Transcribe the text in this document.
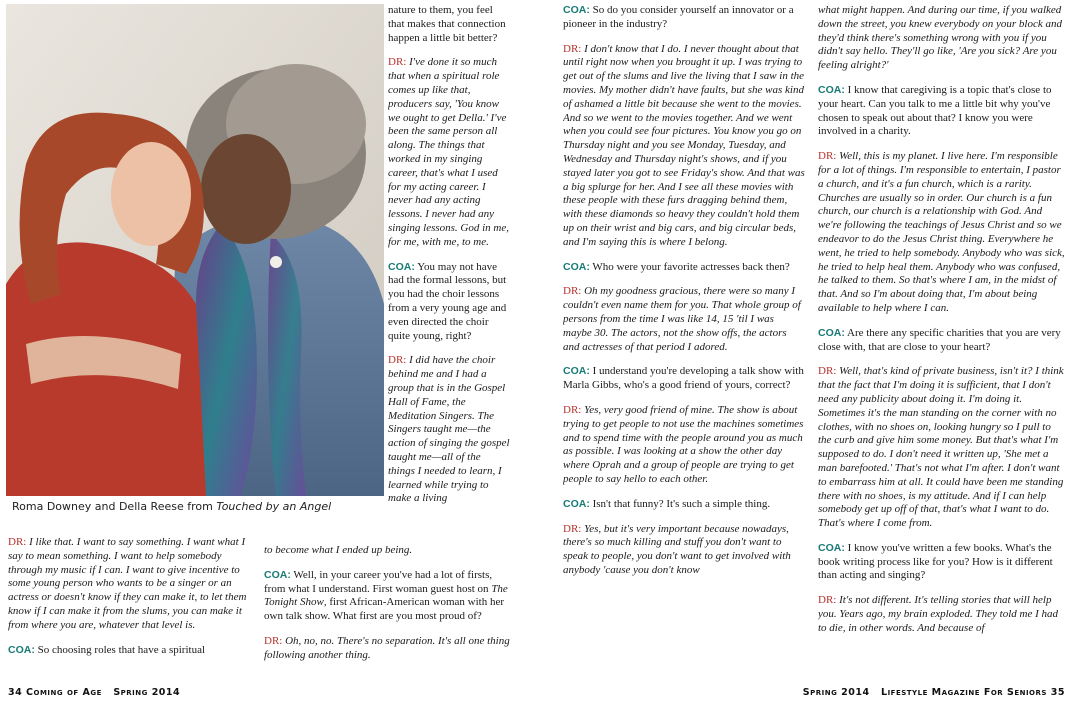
Roma Downey and Della Reese from Touched by an Angel

DR: I like that. I want to say something. I want what I say to mean something. I want to help somebody through my music if I can. I want to give incentive to some young person who wants to be a singer or an actress or doesn't know if they can make it, to let them know if I can make it from the slums, you can make it from where you are, whatever that level is.

COA: So choosing roles that have a spiritual

nature to them, you feel that makes that connection happen a little bit better?

DR: I've done it so much that when a spiritual role comes up like that, producers say, 'You know we ought to get Della.' I've been the same person all along. The things that worked in my singing career, that's what I used for my acting career. I never had any acting lessons. I never had any singing lessons. God in me, for me, with me, to me.

COA: You may not have had the formal lessons, but you had the choir lessons from a very young age and even directed the choir quite young, right?

DR: I did have the choir behind me and I had a group that is in the Gospel Hall of Fame, the Meditation Singers. The Singers taught me—the action of singing the gospel taught me—all of the things I needed to learn, I learned while trying to make a living

to become what I ended up being.

COA: Well, in your career you've had a lot of firsts, from what I understand. First woman guest host on The Tonight Show, first African-American woman with her own talk show. What first are you most proud of?

DR: Oh, no, no. There's no separation. It's all one thing following another thing.

COA: So do you consider yourself an innovator or a pioneer in the industry?

DR: I don't know that I do. I never thought about that until right now when you brought it up. I was trying to get out of the slums and live the living that I saw in the movies. My mother didn't have faults, but she was kind of ashamed a little bit because she went to the movies. And so we went to the movies together. And we went when you could see four pictures. You know you go on Thursday night and you see Monday, Tuesday, and Wednesday and Thursday night's shows, and if you stayed later you got to see Friday's show. And that was a big splurge for her. And I see all these movies with these people with these furs dragging behind them, with these diamonds so heavy they couldn't hold them up on their wrist and big cars, and big circular beds, and I'm saying this is where I belong.

COA: Who were your favorite actresses back then?

DR: Oh my goodness gracious, there were so many I couldn't even name them for you. That whole group of persons from the time I was like 14, 15 'til I was maybe 30. The actors, not the show offs, the actors and actresses of that period I adored.

COA: I understand you're developing a talk show with Marla Gibbs, who's a good friend of yours, correct?

DR: Yes, very good friend of mine. The show is about trying to get people to not use the machines sometimes and to spend time with the people around you as much as possible. I was looking at a show the other day where Oprah and a group of people are trying to get people to say hello to each other.

COA: Isn't that funny? It's such a simple thing.

DR: Yes, but it's very important because nowadays, there's so much killing and stuff you don't want to speak to people, you don't want to get involved with anybody 'cause you don't know

what might happen. And during our time, if you walked down the street, you knew everybody on your block and they'd think there's something wrong with you if you didn't say hello. They'll go like, 'Are you sick? Are you feeling alright?'

COA: I know that caregiving is a topic that's close to your heart. Can you talk to me a little bit why you've chosen to speak out about that? I know you were involved in a charity.

DR: Well, this is my planet. I live here. I'm responsible for a lot of things. I'm responsible to entertain, I pastor a church, and it's a fun church, which is a rarity. Churches are usually so in order. Our church is a fun church, our church is a relationship with God. And we're following the teachings of Jesus Christ and so we endeavor to do the Jesus Christ thing. Everywhere he went, he tried to help somebody. Anybody who was sick, he tried to help heal them. Anybody who was confused, he talked to them. So that's where I am, in the midst of that. And so I'm about doing that, I'm about being available to help where I can.

COA: Are there any specific charities that you are very close with, that are close to your heart?

DR: Well, that's kind of private business, isn't it? I think that the fact that I'm doing it is sufficient, that I don't need any publicity about doing it. I'm doing it. Sometimes it's the man standing on the corner with no clothes, with no shoes on, looking hungry so I pull to the curb and give him some money. But that's what I'm supposed to do. I don't need it written up, 'She met a man barefooted.' That's not what I'm after. I don't want to embarrass him at all. It could have been me standing there with no shoes, is my attitude. And if I can help somebody get up off of that, that's what I want to do. That's where I come from.

COA: I know you've written a few books. What's the book writing process like for you? How is it different than acting and singing?

DR: It's not different. It's telling stories that will help you. Years ago, my brain exploded. They told me I had to die, in other words. And because of

34 Coming of Age Spring 2014	Spring 2014 Lifestyle Magazine For Seniors 35
